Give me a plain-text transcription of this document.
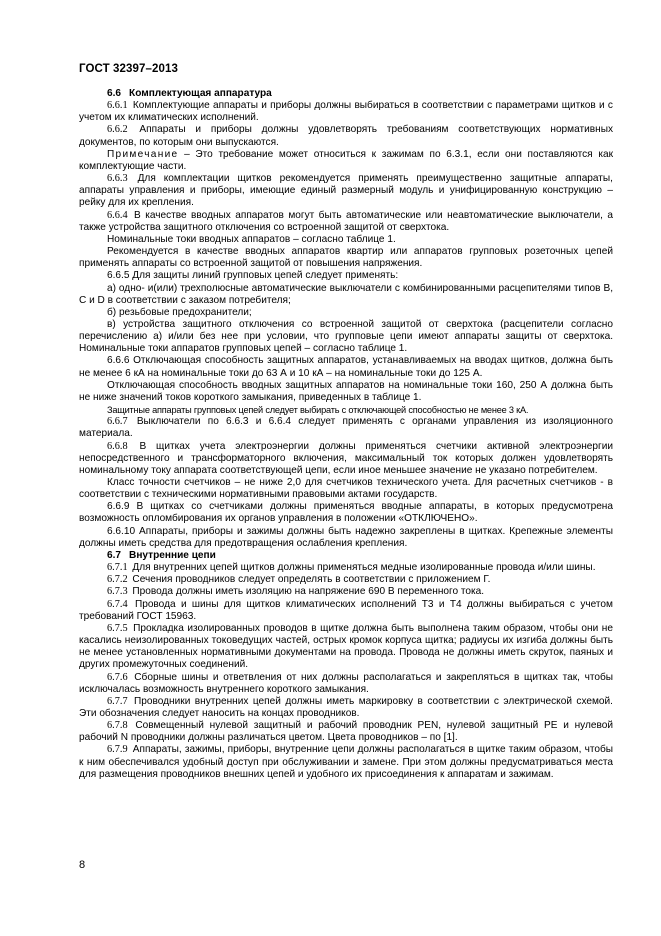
ГОСТ 32397–2013

6.6 Комплектующая аппаратура

6.6.1 Комплектующие аппараты и приборы должны выбираться в соответствии с параметрами щитков и с учетом их климатических исполнений.

6.6.2 Аппараты и приборы должны удовлетворять требованиям соответствующих нормативных документов, по которым они выпускаются.

Примечание – Это требование может относиться к зажимам по 6.3.1, если они поставляются как комплектующие части.

6.6.3 Для комплектации щитков рекомендуется применять преимущественно защитные аппараты, аппараты управления и приборы, имеющие единый размерный модуль и унифицированную конструкцию – рейку для их крепления.

6.6.4 В качестве вводных аппаратов могут быть автоматические или неавтоматические выключатели, а также устройства защитного отключения со встроенной защитой от сверхтока.

Номинальные токи вводных аппаратов – согласно таблице 1.

Рекомендуется в качестве вводных аппаратов квартир или аппаратов групповых розеточных цепей применять аппараты со встроенной защитой от повышения напряжения.

6.6.5 Для защиты линий групповых цепей следует применять:

а) одно- и(или) трехполюсные автоматические выключатели с комбинированными расцепителями типов В, С и D в соответствии с заказом потребителя;

б) резьбовые предохранители;

в) устройства защитного отключения со встроенной защитой от сверхтока (расцепители согласно перечислению а) и/или без нее при условии, что групповые цепи имеют аппараты защиты от сверхтока. Номинальные токи аппаратов групповых цепей – согласно таблице 1.

6.6.6 Отключающая способность защитных аппаратов, устанавливаемых на вводах щитков, должна быть не менее 6 кА на номинальные токи до 63 А и 10 кА – на номинальные токи до 125 А.

Отключающая способность вводных защитных аппаратов на номинальные токи 160, 250 А должна быть не ниже значений токов короткого замыкания, приведенных в таблице 1.

Защитные аппараты групповых цепей следует выбирать с отключающей способностью не менее 3 кА.

6.6.7 Выключатели по 6.6.3 и 6.6.4 следует применять с органами управления из изоляционного материала.

6.6.8 В щитках учета электроэнергии должны применяться счетчики активной электроэнергии непосредственного и трансформаторного включения, максимальный ток которых должен удовлетворять номинальному току аппарата соответствующей цепи, если иное меньшее значение не указано потребителем.

Класс точности счетчиков – не ниже 2,0 для счетчиков технического учета. Для расчетных счетчиков - в соответствии с техническими нормативными правовыми актами государств.

6.6.9 В щитках со счетчиками должны применяться вводные аппараты, в которых предусмотрена возможность опломбирования их органов управления в положении «ОТКЛЮЧЕНО».

6.6.10 Аппараты, приборы и зажимы должны быть надежно закреплены в щитках. Крепежные элементы должны иметь средства для предотвращения ослабления крепления.

6.7 Внутренние цепи

6.7.1 Для внутренних цепей щитков должны применяться медные изолированные провода и/или шины.

6.7.2 Сечения проводников следует определять в соответствии с приложением Г.

6.7.3 Провода должны иметь изоляцию на напряжение 690 В переменного тока.

6.7.4 Провода и шины для щитков климатических исполнений Т3 и Т4 должны выбираться с учетом требований ГОСТ 15963.

6.7.5 Прокладка изолированных проводов в щитке должна быть выполнена таким образом, чтобы они не касались неизолированных токоведущих частей, острых кромок корпуса щитка; радиусы их изгиба должны быть не менее установленных нормативными документами на провода. Провода не должны иметь скруток, паяных и других промежуточных соединений.

6.7.6 Сборные шины и ответвления от них должны располагаться и закрепляться в щитках так, чтобы исключалась возможность внутреннего короткого замыкания.

6.7.7 Проводники внутренних цепей должны иметь маркировку в соответствии с электрической схемой. Эти обозначения следует наносить на концах проводников.

6.7.8 Совмещенный нулевой защитный и рабочий проводник PEN, нулевой защитный PE и нулевой рабочий N проводники должны различаться цветом. Цвета проводников – по [1].

6.7.9 Аппараты, зажимы, приборы, внутренние цепи должны располагаться в щитке таким образом, чтобы к ним обеспечивался удобный доступ при обслуживании и замене. При этом должны предусматриваться места для размещения проводников внешних цепей и удобного их присоединения к аппаратам и зажимам.

8
